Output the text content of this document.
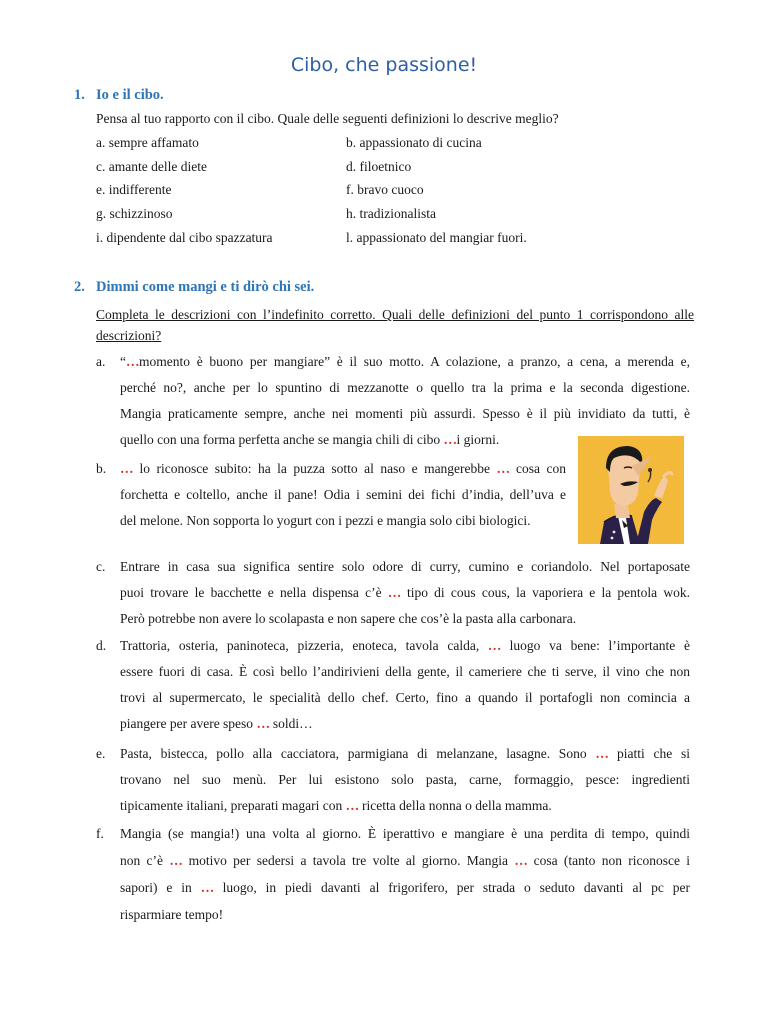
Cibo, che passione!
1. Io e il cibo.
Pensa al tuo rapporto con il cibo. Quale delle seguenti definizioni lo descrive meglio?
a. sempre affamato	b. appassionato di cucina
c. amante delle diete	d. filoetnico
e. indifferente	f. bravo cuoco
g. schizzinoso	h. tradizionalista
i. dipendente dal cibo spazzatura	l. appassionato del mangiar fuori.
2. Dimmi come mangi e ti dirò chi sei.
Completa le descrizioni con l’indefinito corretto. Quali delle definizioni del punto 1 corrispondono alle descrizioni?
a. “…momento è buono per mangiare” è il suo motto. A colazione, a pranzo, a cena, a merenda e,
perché no?, anche per lo spuntino di mezzanotte o quello tra la prima e la seconda digestione.
Mangia praticamente sempre, anche nei momenti più assurdi. Spesso è il più invidiato da tutti, è
quello con una forma perfetta anche se mangia chili di cibo …i giorni.
b. … lo riconosce subito: ha la puzza sotto al naso e mangerebbe … cosa con
forchetta e coltello, anche il pane! Odia i semini dei fichi d’india, dell’uva e
del melone. Non sopporta lo yogurt con i pezzi e mangia solo cibi biologici.
c. Entrare in casa sua significa sentire solo odore di curry, cumino e coriandolo. Nel portaposate
puoi trovare le bacchette e nella dispensa c’è … tipo di cous cous, la vaporiera e la pentola wok.
Però potrebbe non avere lo scolapasta e non sapere che cos’è la pasta alla carbonara.
d. Trattoria, osteria, paninoteca, pizzeria, enoteca, tavola calda, … luogo va bene: l’importante è
essere fuori di casa. È così bello l’andirivieni della gente, il cameriere che ti serve, il vino che non
trovi al supermercato, le specialità dello chef. Certo, fino a quando il portafogli non comincia a
piangere per avere speso … soldi…
e. Pasta, bistecca, pollo alla cacciatora, parmigiana di melanzane, lasagne. Sono … piatti che si
trovano nel suo menù. Per lui esistono solo pasta, carne, formaggio, pesce: ingredienti
tipicamente italiani, preparati magari con … ricetta della nonna o della mamma.
f. Mangia (se mangia!) una volta al giorno. È iperattivo e mangiare è una perdita di tempo, quindi
non c’è … motivo per sedersi a tavola tre volte al giorno. Mangia … cosa (tanto non riconosce i
sapori) e in … luogo, in piedi davanti al frigorifero, per strada o seduto davanti al pc per
risparmiare tempo!
